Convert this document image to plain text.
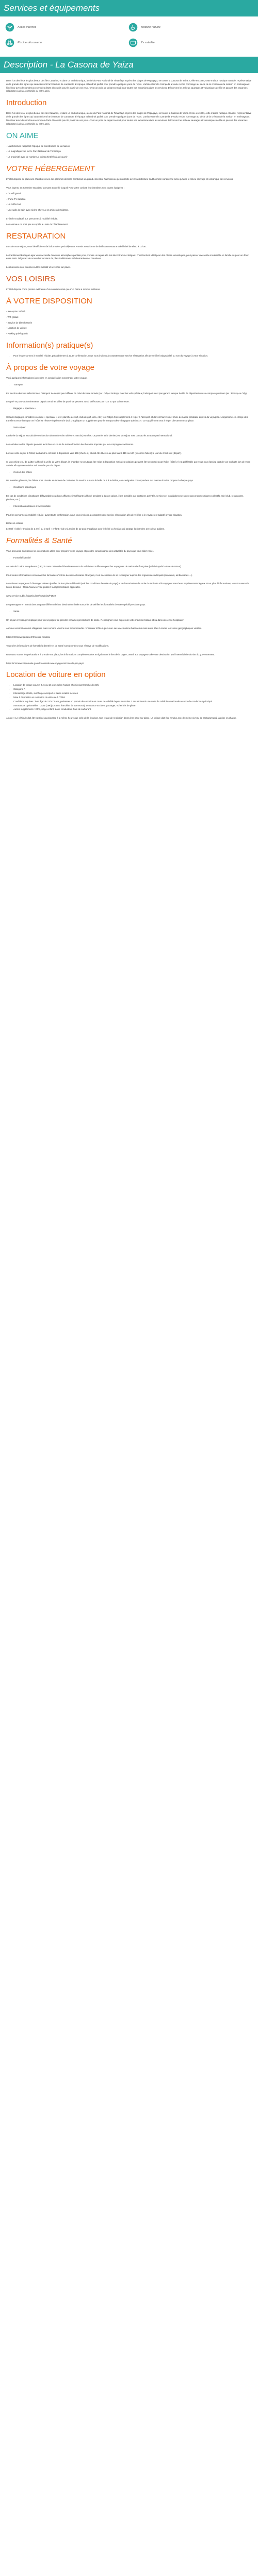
Services et équipements
Accès internet	Mobilité réduite
Piscine découverte	Tv satellite
Description - La Casona de Yaiza

Dans l'un des lieux les plus beaux des îles Canaries, et dans un endroit unique, à côté du Parc National de Timanfaya et près des plages de Papagayo, se trouve la Casona de Yaiza. Créée en 1824, cette maison rustique et noble, représentative de la grande des lignes qui caractérisent l'architecture de Lanzarote à l'époque et l'endroit parfait pour prendre quelques jours de repos. L'artiste Germán Carrajeda a voulu rendre hommage au siècle de la création de la maison en aménageant l'intérieur avec de nombreux exemples d'arts décoratifs pour le plaisir de vos yeux. C'est un point de départ central pour toutes vos excursions dans les environs. Découvrez les milieux sauvages et volcaniques de l'île et passez des vacances relaxantes à deux, en famille ou entre amis.

Introduction

Dans l'un des lieux les plus beaux des îles Canaries, et dans un endroit unique, à côté du Parc National de Timanfaya et près des plages de Papagayo, se trouve la Casona de Yaiza. Créée en 1824, cette maison rustique et noble, représentative de la grande des lignes qui caractérisent l'architecture de Lanzarote à l'époque et l'endroit parfait pour prendre quelques jours de repos. L'artiste Germán Carrajeda a voulu rendre hommage au siècle de la création de la maison en aménageant l'intérieur avec de nombreux exemples d'arts décoratifs pour le plaisir de vos yeux. C'est un point de départ central pour toutes vos excursions dans les environs. Découvrez les milieux sauvages et volcaniques de l'île et passez des vacances relaxantes à deux, en famille ou entre amis.

ON AIME

- L'architecture rappelant l'époque de construction de la maison

- La magnifique vue sur le Parc National de Timanfaya

- La proximité avec de nombreux points d'intérêts à découvrir

VOTRE HÉBERGEMENT

L'hôtel dispose de plusieurs chambres avec des plafonds décorés combinant un grand ensemble harmonieux qui contraste avec l'architecture traditionnelle canarienne ainsi qu'avec le milieu sauvage et volcanique des environs.

Vous logerez en Chambre Standard pouvant accueillir jusqu'à Pour votre confort, les chambres sont toutes équipées :

- Du wifi gratuit

- D'une TV Satellite

- Un coffre-fort

- Une salle de bain avec sèche-cheveux et articles de toilettes.

L'hôtel est adapté aux personnes à mobilité réduite.

Les animaux ne sont pas acceptés au sein de l'établissement.

RESTAURATION

Lors de votre séjour, vous bénéficierez de la formule « petit déjeuner » servis sous forme de buffet au restaurant de l'hôtel de 8h00 à 10h30.

Le traditionnel Bodega Lagar vous accueille dans une atmosphère parfaite pour prendre un repas à la fois décontracté et élégant. C'est l'endroit idéal pour des dîners romantiques, pour passer une soirée inoubliable en famille ou pour un dîner entre amis. Dégustez de nouvelles versions de plats traditionnels méditerranéens et canariens.

Les boissons sont données à titre indicatif et à vérifier sur place.

VOS LOISIRS

L'hôtel dispose d'une piscine extérieure d'un solarium ainsi que d'un bains a remous extérieur.

À VOTRE DISPOSITION

- Réception 24/24h

- Wifi gratuit

- Service de blanchisserie

- Location de voiture

- Parking privé gratuit

Information(s) pratique(s)
• Pour les personnes à mobilité réduite, préalablement à toute confirmation, nous vous invitons à contacter notre service réservation afin de vérifier l'adaptabilité ou non du voyage à votre situation.
À propos de votre voyage

Voici quelques informations à prendre en considération concernant votre voyage.

• Transport

En fonction des vols sélectionnés, l'aéroport de départ peut différer de celui de votre arrivée (ex : Orly et Roissy). Pour les vols spéciaux, l'aéroport n'est pas garanti lorsque la ville de départ/arrivée se compose plusieurs (ex : Roissy ou Orly).

Les pré- et post- acheminements depuis certaines villes de province peuvent aussi s'effectuer par TGV ou par voi terrestre.

• Bagages « spéciaux »

Certains bagages considérés comme « spéciaux » (ex : planche de surf, club de golf, vélo, etc.) font l'objet d'un supplément à régler à l'aéroport et doivent faire l'objet d'une demande préalable auprès du voyagiste. L'organisme en charge des transferts entre l'aéroport et l'hôtel se réserve également le droit d'appliquer un supplément pour le transport des « bagages spéciaux ». Ce supplément sera à régler directement sur place.

• Votre séjour

La durée du séjour est calculée en fonction du nombre de nuitées et non de journées. Le premier et le dernier jour du séjour sont consacrés au transport international.

Les arrivées ou les départs peuvent avoir lieu en cours de nuit en fonction des horaires imposés par les compagnies aériennes.

Lors de votre séjour à l'hôtel, la chambre est mise à disposition vers 15h (check-in) et doit être libérée au plus tard à 11h ou 12h (selon les hôtels) le jour du check-out (départ).

Si vous étiez tenu de quitter la l'hôtel la veille de votre départ, la chambre ne peut pas être mise à disposition mais des solutions peuvent être proposées par l'hôtel (hôtel). Il est préférable que vous nous fassiez part de vos souhaits lors de votre arrivée afin qu'une solution soit trouvée pour le départ.

• Confort des hôtels

De manière générale, les hôtels sont classés en termes de confort et de service sur une échelle de 1 à 5 étoiles, ces catégories correspondent aux normes locales propres à chaque pays.

• Conditions spécifiques

En cas de conditions climatiques défavorables ou d'une affluence insuffisante à l'hôtel pendant la basse saison, il est possible que certaines activités, services et installations ne soient pas proposés (parcs collectifs, mini-club, restaurants, piscines, etc.).

• Informations relatives à l'accessibilité

Pour les personnes à mobilité réduite, avant toute confirmation, nous vous invitons à contacter notre service réservation afin de vérifier si le voyage est adapté à votre situation.

Bébés et enfants

Le tarif « bébé » (moins de 2 ans) ou le tarif « enfant » (de 2 à moins de 12 ans) s'applique pour le bébé ou l'enfant qui partage la chambre avec deux adultes.

Formalités & Santé

Vous trouverez ci-dessous les informations utiles pour préparer votre voyage et prendre connaissance des actualités du pays que vous allez visiter.

• Formalité identité

Au sein de l'Union européenne (UE), la carte nationale d'identité en cours de validité est suffisante pour les voyageurs de nationalité française (validité après la date de retour).

Pour toutes informations concernant les formalités d'entrée des ressortissants étrangers, il est nécessaire de se renseigner auprès des organismes adéquats (consulats, ambassades ...).

Les mineurs voyageant à l'étranger doivent justifier de leur pièce d'identité (voir les conditions d'entrée du pays) et de l'autorisation de sortie du territoire s'ils voyagent sans leurs représentants légaux. Pour plus d'informations, vous trouverez le lien ci-dessous : https://www.service-public.fr la règlementation applicable.

www.service-public.fr/particuliers/vosdroits/F1922

Les passagers en transit dans un pays différent de leur destination finale sont priés de vérifier les formalités d'entrée spécifiques à ce pays.

• Santé

Un séjour à l'étranger implique pour tout voyageur de prendre certaines précautions de santé. Renseignez-vous auprès de votre médecin traitant et/ou dans un centre hospitalier.

Aucune vaccination n'est obligatoire mais certains vaccins sont recommandés : s'assurer d'être à jour avec ses vaccinations habituelles mais aussi liées à toutes les zones géographiques visitées.

https://XXXwww.pasteur.fr/fr/centre-medical

Toutes les informations de formalités d'entrée et de santé sont données sous réserve de modifications.

Retrouvez toutes les précautions à prendre sur place, les informations complémentaires et également le lien de la page Conseil aux Voyageurs de votre destination par l'intermédiaire du site du gouvernement.

https://XXXwww.diplomatie.gouv.fr/conseils-aux-voyageurs/conseils-par-pays/

Location de voiture en option
• Location de voiture pour 2, 4, 6 ou 10 jours selon l'option choisie (par tranche de 24h)
• Catégorie A
• Kilométrage illimité, surcharge aéroport et taxes locales incluses
• Mise à disposition et restitution du véhicule à l'hôtel
• Conditions requises : être âgé de 23 à 72 ans, présenter un permis de conduire en cours de validité depuis au moins 3 ans et fournir une carte de crédit internationale au nom du conducteur principal.
• Assurances optionnelles : CDW (16€/jour avec franchise de 300 euros), assurance accident passager, vol et bris de glace.
• Autres suppléments : GPS, siège enfant, Zone conducteur, frais de carburant.

À noter : Le véhicule doit être restitué au plus tard à la même heure que celle de la livraison, tout retard de restitution devra être payé sur place. La voiture doit être rendue avec le même niveau de carburant qu'à la prise en charge.
